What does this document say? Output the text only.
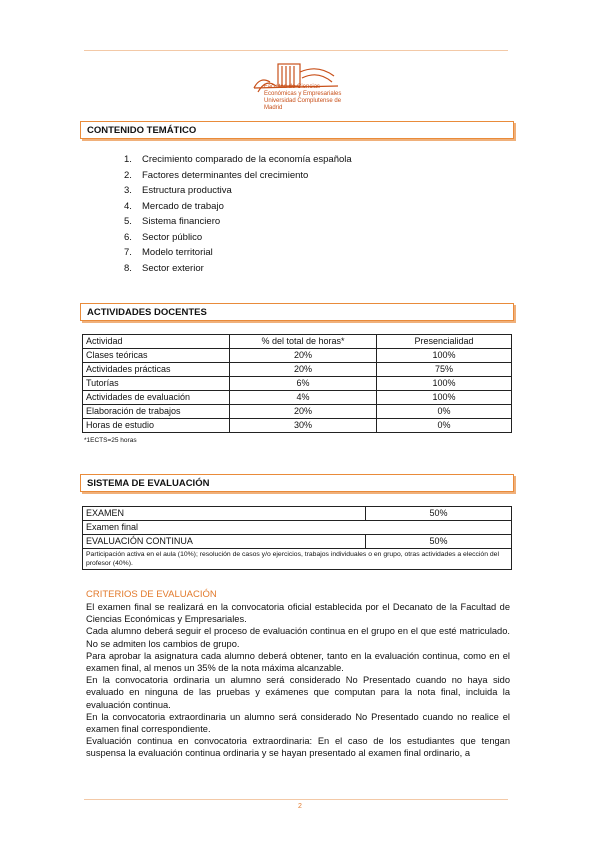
Facultad de Ciencias
Económicas y Empresariales
Universidad Complutense de Madrid
CONTENIDO TEMÁTICO
1. Crecimiento comparado de la economía española
2. Factores determinantes del crecimiento
3. Estructura productiva
4. Mercado de trabajo
5. Sistema financiero
6. Sector público
7. Modelo territorial
8. Sector exterior
ACTIVIDADES DOCENTES
Actividad	% del total de horas*	Presencialidad
Clases teóricas	20%	100%
Actividades prácticas	20%	75%
Tutorías	6%	100%
Actividades de evaluación	4%	100%
Elaboración de trabajos	20%	0%
Horas de estudio	30%	0%
*1ECTS=25 horas
SISTEMA DE EVALUACIÓN
EXAMEN	50%
Examen final	
EVALUACIÓN CONTINUA	50%
Participación activa en el aula (10%); resolución de casos y/o ejercicios, trabajos individuales o en grupo, otras actividades a elección del profesor (40%).	
CRITERIOS DE EVALUACIÓN

El examen final se realizará en la convocatoria oficial establecida por el Decanato de la Facultad de Ciencias Económicas y Empresariales.

Cada alumno deberá seguir el proceso de evaluación continua en el grupo en el que esté matriculado. No se admiten los cambios de grupo.

Para aprobar la asignatura cada alumno deberá obtener, tanto en la evaluación continua, como en el examen final, al menos un 35% de la nota máxima alcanzable.

En la convocatoria ordinaria un alumno será considerado No Presentado cuando no haya sido evaluado en ninguna de las pruebas y exámenes que computan para la nota final, incluida la evaluación continua.

En la convocatoria extraordinaria un alumno será considerado No Presentado cuando no realice el examen final correspondiente.

Evaluación continua en convocatoria extraordinaria: En el caso de los estudiantes que tengan suspensa la evaluación continua ordinaria y se hayan presentado al examen final ordinario, a

2
